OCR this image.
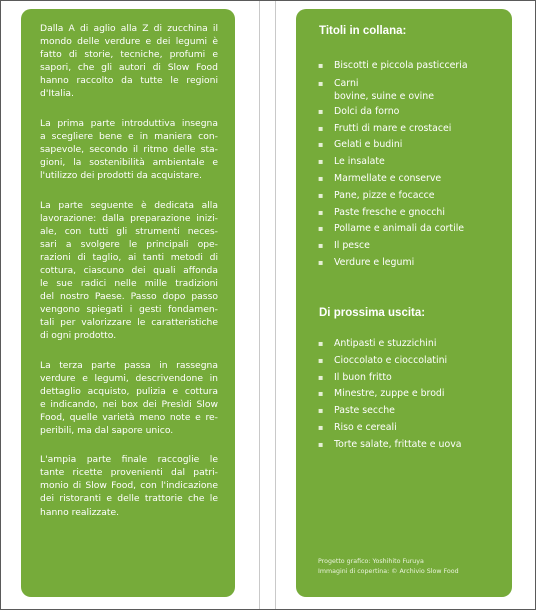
Dalla A di aglio alla Z di zucchina il
mondo delle verdure e dei legumi è
fatto di storie, tecniche, profumi e
sapori, che gli autori di Slow Food
hanno raccolto da tutte le regioni
d'Italia.

La prima parte introduttiva insegna
a scegliere bene e in maniera con-
sapevole, secondo il ritmo delle sta-
gioni, la sostenibilità ambientale e
l'utilizzo dei prodotti da acquistare.

La parte seguente è dedicata alla
lavorazione: dalla preparazione inizi-
ale, con tutti gli strumenti neces-
sari a svolgere le principali ope-
razioni di taglio, ai tanti metodi di
cottura, ciascuno dei quali affonda
le sue radici nelle mille tradizioni
del nostro Paese. Passo dopo passo
vengono spiegati i gesti fondamen-
tali per valorizzare le caratteristiche
di ogni prodotto.

La terza parte passa in rassegna
verdure e legumi, descrivendone in
dettaglio acquisto, pulizia e cottura
e indicando, nei box dei Presìdi Slow
Food, quelle varietà meno note e re-
peribili, ma dal sapore unico.

L'ampia parte finale raccoglie le
tante ricette provenienti dal patri-
monio di Slow Food, con l'indicazione
dei ristoranti e delle trattorie che le
hanno realizzate.

Titoli in collana:
▪ Biscotti e piccola pasticceria
▪ Carni
bovine, suine e ovine
▪ Dolci da forno
▪ Frutti di mare e crostacei
▪ Gelati e budini
▪ Le insalate
▪ Marmellate e conserve
▪ Pane, pizze e focacce
▪ Paste fresche e gnocchi
▪ Pollame e animali da cortile
▪ Il pesce
▪ Verdure e legumi
Di prossima uscita:
▪ Antipasti e stuzzichini
▪ Cioccolato e cioccolatini
▪ Il buon fritto
▪ Minestre, zuppe e brodi
▪ Paste secche
▪ Riso e cereali
▪ Torte salate, frittate e uova
Progetto grafico: Yoshihito Furuya
Immagini di copertina: © Archivio Slow Food
